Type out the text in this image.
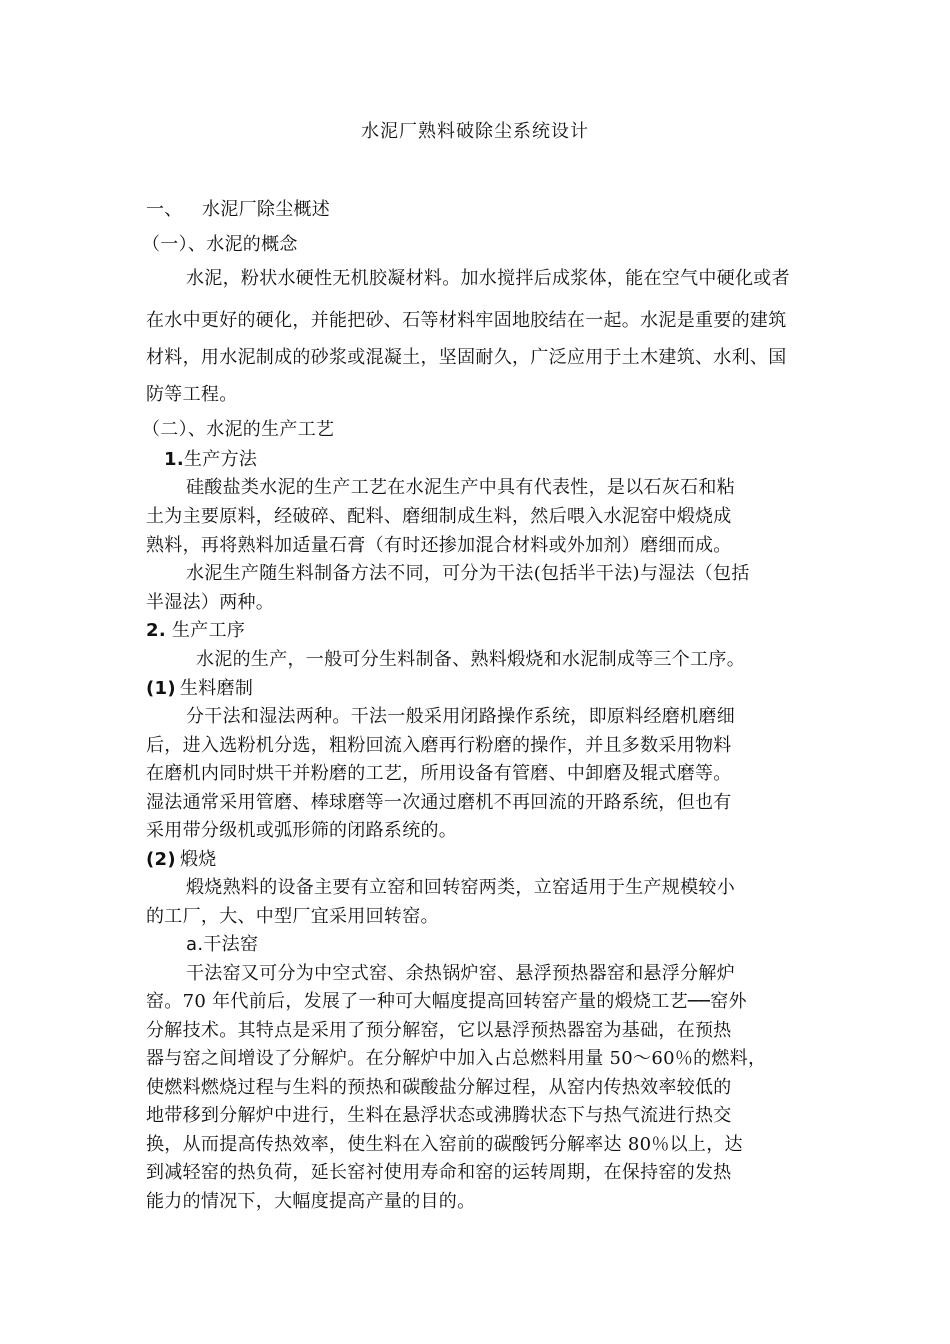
水泥厂熟料破除尘系统设计
一、 水泥厂除尘概述
（一）、水泥的概念
水泥，粉状水硬性无机胶凝材料。加水搅拌后成浆体，能在空气中硬化或者
在水中更好的硬化，并能把砂、石等材料牢固地胶结在一起。水泥是重要的建筑
材料，用水泥制成的砂浆或混凝土，坚固耐久，广泛应用于土木建筑、水利、国
防等工程。
（二）、水泥的生产工艺
1.生产方法
硅酸盐类水泥的生产工艺在水泥生产中具有代表性，是以石灰石和粘
土为主要原料，经破碎、配料、磨细制成生料，然后喂入水泥窑中煅烧成
熟料，再将熟料加适量石膏（有时还掺加混合材料或外加剂）磨细而成。
水泥生产随生料制备方法不同，可分为干法(包括半干法)与湿法（包括
半湿法）两种。
2. 生产工序
水泥的生产，一般可分生料制备、熟料煅烧和水泥制成等三个工序。
(1) 生料磨制
分干法和湿法两种。干法一般采用闭路操作系统，即原料经磨机磨细
后，进入选粉机分选，粗粉回流入磨再行粉磨的操作，并且多数采用物料
在磨机内同时烘干并粉磨的工艺，所用设备有管磨、中卸磨及辊式磨等。
湿法通常采用管磨、棒球磨等一次通过磨机不再回流的开路系统，但也有
采用带分级机或弧形筛的闭路系统的。
(2) 煅烧
煅烧熟料的设备主要有立窑和回转窑两类，立窑适用于生产规模较小
的工厂，大、中型厂宜采用回转窑。
a.干法窑
干法窑又可分为中空式窑、余热锅炉窑、悬浮预热器窑和悬浮分解炉
窑。70 年代前后，发展了一种可大幅度提高回转窑产量的煅烧工艺──窑外
分解技术。其特点是采用了预分解窑，它以悬浮预热器窑为基础，在预热
器与窑之间增设了分解炉。在分解炉中加入占总燃料用量 50～60％的燃料，
使燃料燃烧过程与生料的预热和碳酸盐分解过程，从窑内传热效率较低的
地带移到分解炉中进行，生料在悬浮状态或沸腾状态下与热气流进行热交
换，从而提高传热效率，使生料在入窑前的碳酸钙分解率达 80％以上，达
到减轻窑的热负荷，延长窑衬使用寿命和窑的运转周期，在保持窑的发热
能力的情况下，大幅度提高产量的目的。
